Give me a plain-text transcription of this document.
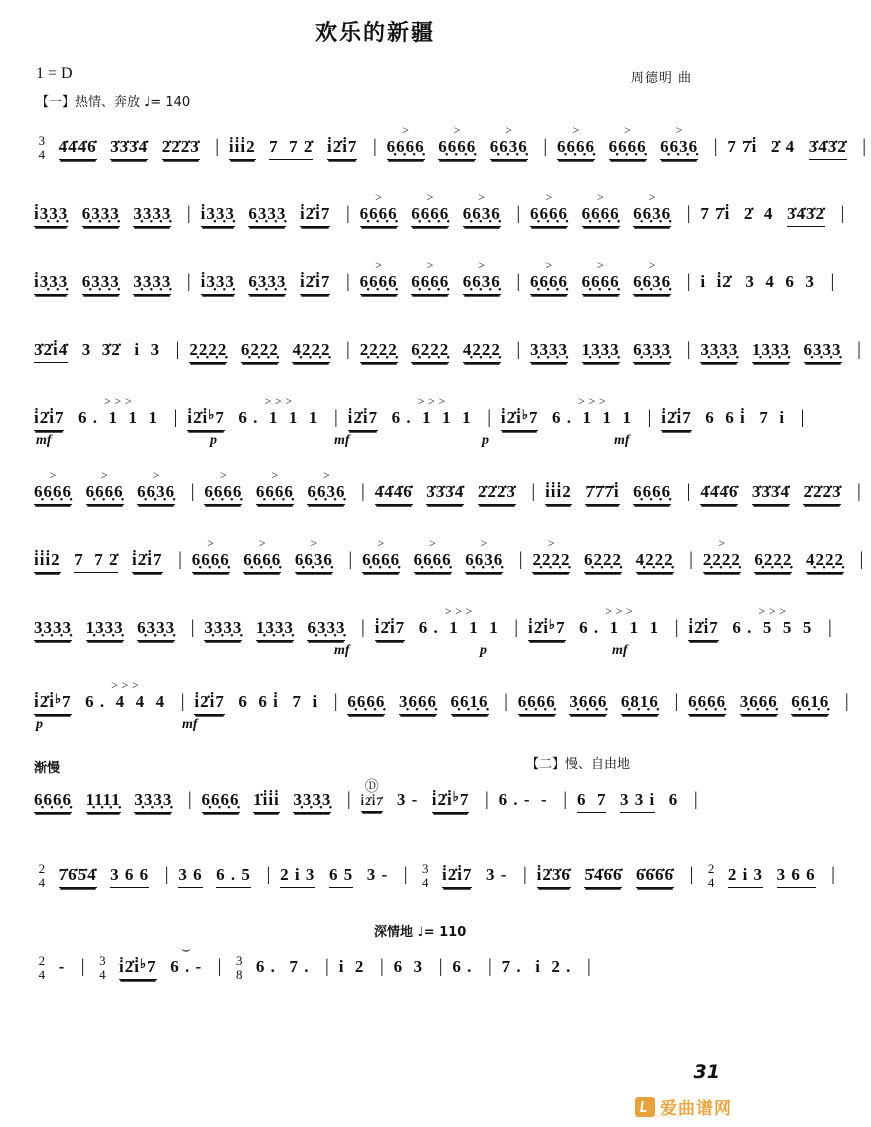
欢乐的新疆
1 = D	周德明 曲
【一】热情、奔放 ♩= 140
3
4 4̇4̇4̇6̇ 3̇3̇3̇4̇ 2̇2̇2̇3̇ | i̇i̇i̇2 7  7 2̇ i̇2̇i̇7 |
>
6̣6̣6̣6̣
>
6̣6̣6̣6̣
>
6̣6̣3̣6̣ |
>
6̣6̣6̣6̣
>
6̣6̣6̣6̣
>
6̣6̣3̣6̣ | 7 7̇i̇ 2̇ 4 3̇4̇3̇2̇ |
i̇3̣3̣3̣ 6̣3̣3̣3̣ 3̣3̣3̣3̣ | i̇3̣3̣3̣ 6̣3̣3̣3̣ i̇2̇i̇7 |
>
6̣6̣6̣6̣
>
6̣6̣6̣6̣
>
6̣6̣3̣6̣ |
>
6̣6̣6̣6̣
>
6̣6̣6̣6̣
>
6̣6̣3̣6̣ | 7 7̇i̇ 2̇  4 3̇4̇3̇2̇ |
i̇3̣3̣3̣ 6̣3̣3̣3̣ 3̣3̣3̣3̣ | i̇3̣3̣3̣ 6̣3̣3̣3̣ i̇2̇i̇7 |
>
6̣6̣6̣6̣
>
6̣6̣6̣6̣
>
6̣6̣3̣6̣ |
>
6̣6̣6̣6̣
>
6̣6̣6̣6̣
>
6̣6̣3̣6̣ | i  i̇2̇ 3  4  6  3 |
3̇2̇i̇4̇ 3  3̇2̇ i  3 | 2̣2̣2̣2̣ 6̣2̣2̣2̣ 4̣2̣2̣2̣ | 2̣2̣2̣2̣ 6̣2̣2̣2̣ 4̣2̣2̣2̣ | 3̣3̣3̣3̣ 1̣3̣3̣3̣ 6̣3̣3̣3̣ | 3̣3̣3̣3̣ 1̣3̣3̣3̣ 6̣3̣3̣3̣ |
i̇2̇i̇7
> > >
6 .  1  1  1 | i̇2̇i̇♭7
> > >
6 .  1  1  1 | i̇2̇i̇7
> > >
6 .  1  1  1 | i̇2̇i̇♭7
> > >
6 .  1  1  1 | i̇2̇i̇7 6  6 i̇ 7  i |
mf	p	mf	p	mf
>
6̣6̣6̣6̣
>
6̣6̣6̣6̣
>
6̣6̣3̣6̣ |
>
6̣6̣6̣6̣
>
6̣6̣6̣6̣
>
6̣6̣3̣6̣ | 4̇4̇4̇6̇ 3̇3̇3̇4̇ 2̇2̇2̇3̇ | i̇i̇i̇2 7̇7̇7̇i̇ 6̣6̣6̣6̣ | 4̇4̇4̇6̇ 3̇3̇3̇4̇ 2̇2̇2̇3̇ |
i̇i̇i̇2 7  7 2̇ i̇2̇i̇7 |
>
6̣6̣6̣6̣
>
6̣6̣6̣6̣
>
6̣6̣3̣6̣ |
>
6̣6̣6̣6̣
>
6̣6̣6̣6̣
>
6̣6̣3̣6̣ |
>
2̣2̣2̣2̣ 6̣2̣2̣2̣ 4̣2̣2̣2̣ |
>
2̣2̣2̣2̣ 6̣2̣2̣2̣ 4̣2̣2̣2̣ |
3̣3̣3̣3̣ 1̣3̣3̣3̣ 6̣3̣3̣3̣ | 3̣3̣3̣3̣ 1̣3̣3̣3̣ 6̣3̣3̣3̣ | i̇2̇i̇7
> > >
6 .  1  1  1 | i̇2̇i̇♭7
> > >
6 .  1  1  1 | i̇2̇i̇7
> > >
6 .  5  5  5 |
mf	p	mf
i̇2̇i̇♭7
> > >
6 .  4  4  4 | i̇2̇i̇7 6  6 i̇ 7  i | 6̣6̣6̣6̣ 3̣6̣6̣6̣ 6̣6̣1̣6̣ | 6̣6̣6̣6̣ 3̣6̣6̣6̣ 6̣8̣1̣6̣ | 6̣6̣6̣6̣ 3̣6̣6̣6̣ 6̣6̣1̣6̣ |
p	mf
渐慢	【二】慢、自由地
6̣6̣6̣6̣ 1̣1̣1̣1̣ 3̣3̣3̣3̣ | 6̣6̣6̣6̣ 1̇i̇i̇i̇ 3̣3̣3̣3̣ | i̇2̇i̇7̇
Ⓓ
3 - i̇2̇i̇♭7 | 6 . -  - | 6  7 3 3 i 6 |
2
4 7̇6̇5̇4̇ 3 6 6 | 3 6 6 . 5 | 2 i 3 6 5 3 - |	3
4 i̇2̇i̇7 3 - | i̇2̇3̇6̇ 5̇4̇6̇6̇ 6̇6̇6̇6̇ |	2
4 2 i 3 3 6 6 |
深情地 ♩= 110
2
4 - |	3
4 i̇2̇i̇♭7
⌣
6 . - |	3
8 6 . 7 . | i  2 | 6  3 | 6 . | 7 . i  2 . |
31
爱曲谱网
